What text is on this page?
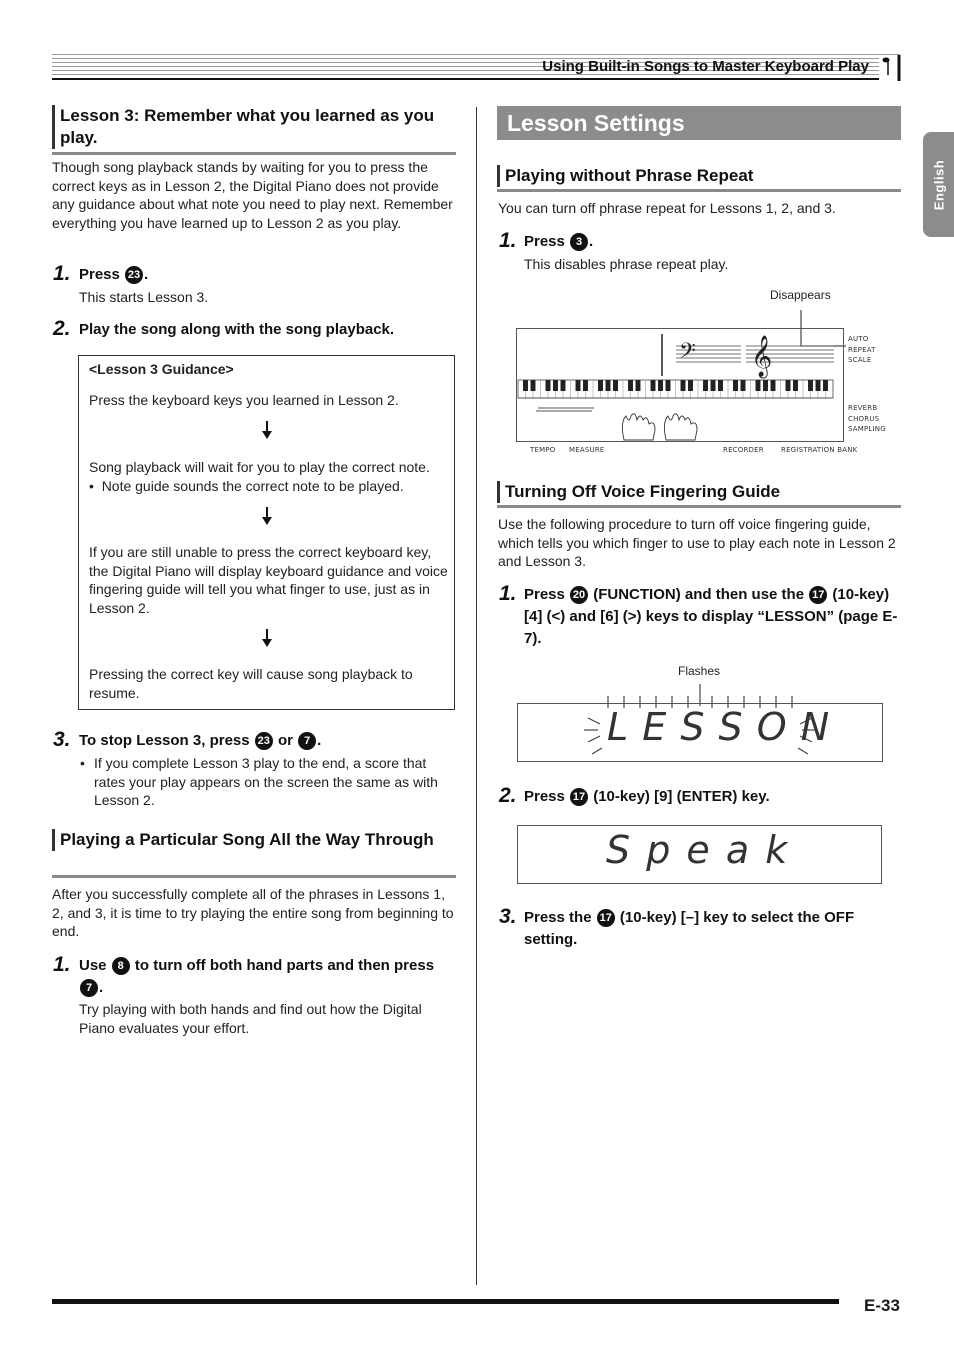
Using Built-in Songs to Master Keyboard Play
English
Lesson 3: Remember what you learned as you play.
Though song playback stands by waiting for you to press the correct keys as in Lesson 2, the Digital Piano does not provide any guidance about what note you need to play next. Remember everything you have learned up to Lesson 2 as you play.
1. Press 23 .
This starts Lesson 3.
2. Play the song along with the song playback.
<Lesson 3 Guidance>
Press the keyboard keys you learned in Lesson 2.
Song playback will wait for you to play the correct note.
•  Note guide sounds the correct note to be played.
If you are still unable to press the correct keyboard key, the Digital Piano will display keyboard guidance and voice fingering guide will tell you what finger to use, just as in Lesson 2.
Pressing the correct key will cause song playback to resume.
3. To stop Lesson 3, press 23 or 7 .
• If you complete Lesson 3 play to the end, a score that rates your play appears on the screen the same as with Lesson 2.
Playing a Particular Song All the Way Through
After you successfully complete all of the phrases in Lessons 1, 2, and 3, it is time to try playing the entire song from beginning to end.
1. Use 8 to turn off both hand parts and then press 7 .
Try playing with both hands and find out how the Digital Piano evaluates your effort.
Lesson Settings
Playing without Phrase Repeat
You can turn off phrase repeat for Lessons 1, 2, and 3.
1. Press 3 .
This disables phrase repeat play.
Disappears
𝄢 𝄞	AUTO
REPEAT
SCALE
REVERB
CHORUS
SAMPLING
TEMPO MEASURE	RECORDER REGISTRATION BANK
Turning Off Voice Fingering Guide
Use the following procedure to turn off voice fingering guide, which tells you which finger to use to play each note in Lesson 2 and Lesson 3.
1. Press 20 (FUNCTION) and then use the 17 (10-key) [4] (<) and [6] (>) keys to display “LESSON” (page E-7).
Flashes
L E S S O N
2. Press 17 (10-key) [9] (ENTER) key.
S p e a k
3. Press the 17 (10-key) [–] key to select the OFF setting.
E-33
